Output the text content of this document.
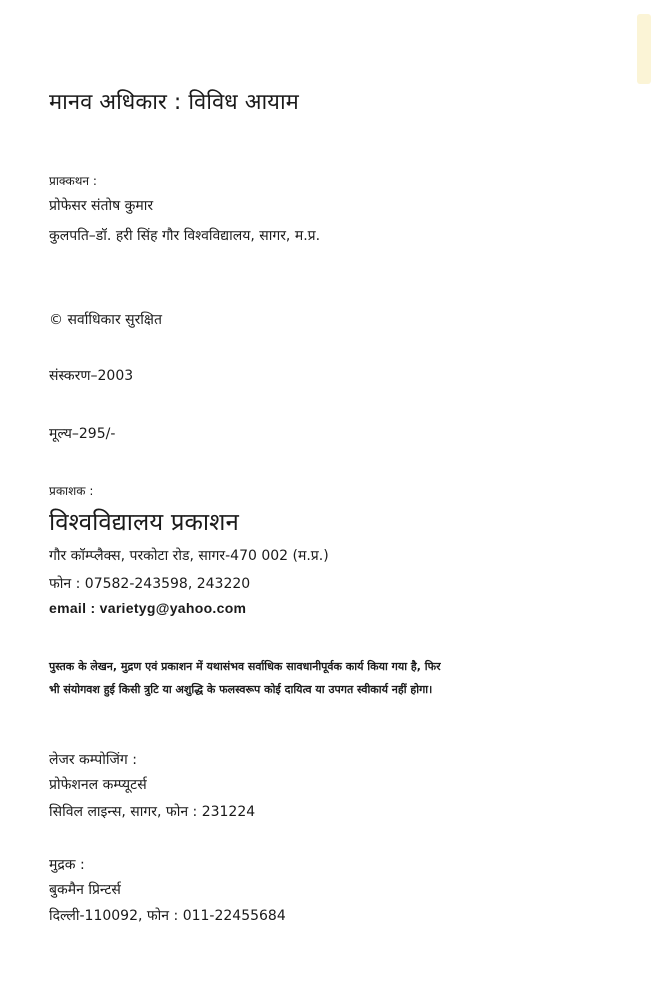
मानव अधिकार : विविध आयाम
प्राक्कथन :
प्रोफेसर संतोष कुमार
कुलपति–डॉ. हरी सिंह गौर विश्वविद्यालय, सागर, म.प्र.
© सर्वाधिकार सुरक्षित
संस्करण–2003
मूल्य–295/-
प्रकाशक :
विश्वविद्यालय प्रकाशन
गौर कॉम्प्लैक्स, परकोटा रोड, सागर-470 002 (म.प्र.)
फोन : 07582-243598, 243220
email : varietyg@yahoo.com
पुस्तक के लेखन, मुद्रण एवं प्रकाशन में यथासंभव सर्वाधिक सावधानीपूर्वक कार्य किया गया है, फिर
भी संयोगवश हुई किसी त्रुटि या अशुद्धि के फलस्वरूप कोई दायित्व या उपगत स्वीकार्य नहीं होगा।
लेजर कम्पोजिंग :
प्रोफेशनल कम्प्यूटर्स
सिविल लाइन्स, सागर, फोन : 231224
मुद्रक :
बुकमैन प्रिन्टर्स
दिल्ली-110092, फोन : 011-22455684
